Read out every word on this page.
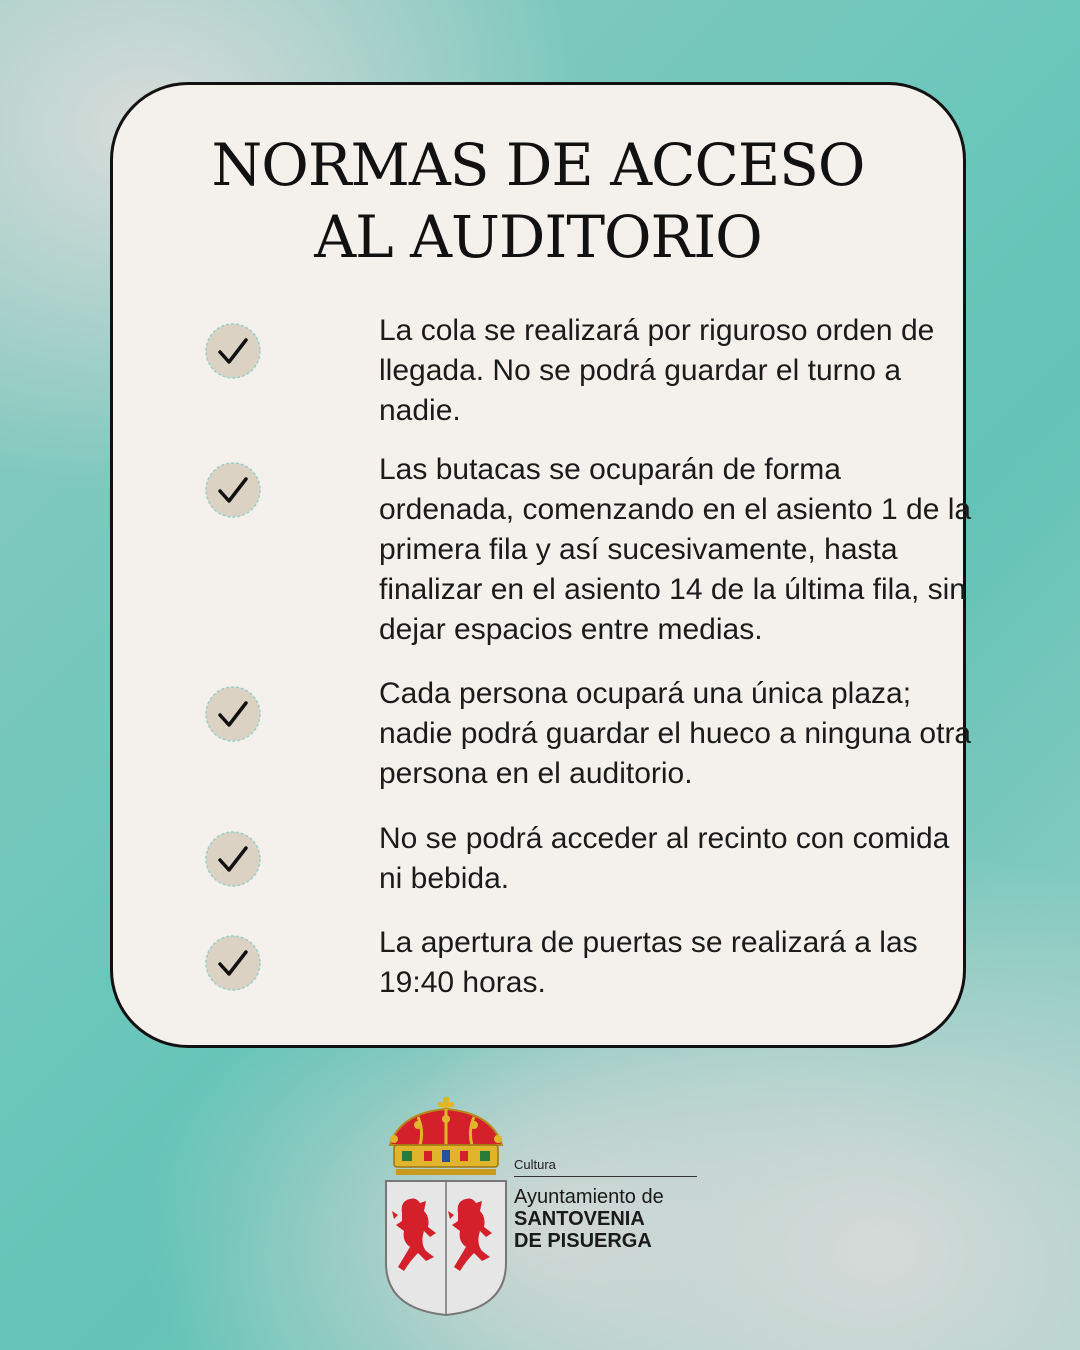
NORMAS DE ACCESO
AL AUDITORIO
La cola se realizará por riguroso orden de llegada. No se podrá guardar el turno a nadie.
Las butacas se ocuparán de forma ordenada, comenzando en el asiento 1 de la primera fila y así sucesivamente, hasta finalizar en el asiento 14 de la última fila, sin dejar espacios entre medias.
Cada persona ocupará una única plaza; nadie podrá guardar el hueco a ninguna otra persona en el auditorio.
No se podrá acceder al recinto con comida ni bebida.
La apertura de puertas se realizará a las 19:40 horas.
Cultura
Ayuntamiento de
SANTOVENIA
DE PISUERGA
